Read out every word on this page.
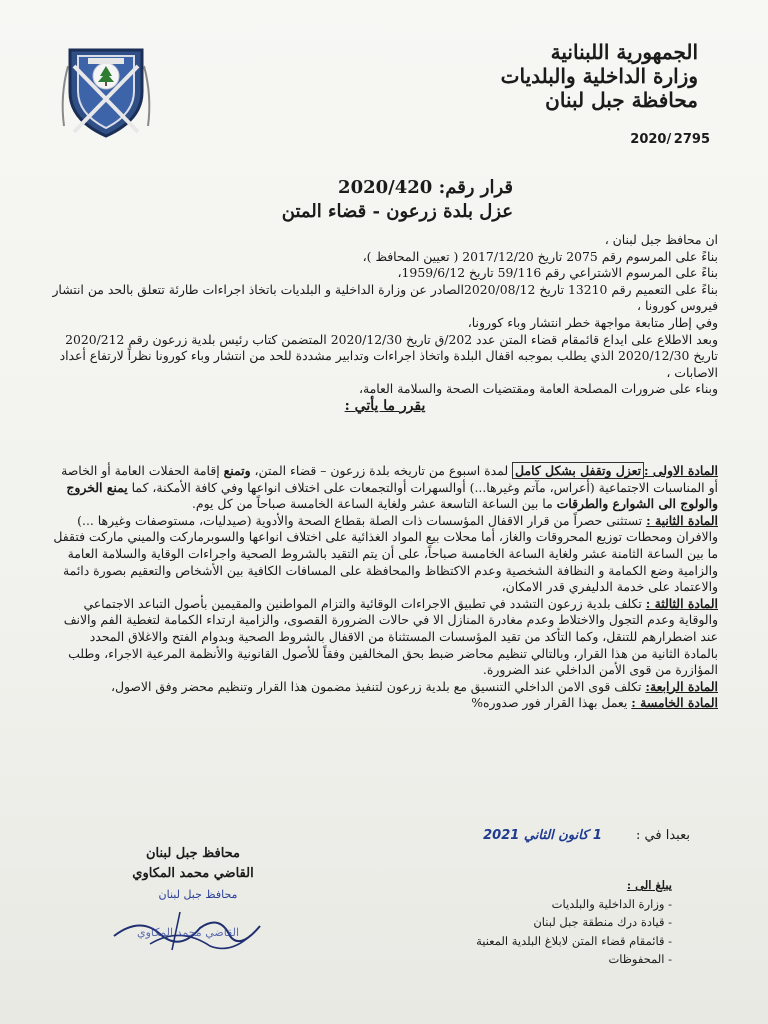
الجمهورية اللبنانية
وزارة الداخلية والبلديات
محافظة جبل لبنان
2020/ 2795
قرار رقم: 2020/420
عزل بلدة زرعون - قضاء المتن

ان محافظ جبل لبنان ،

بناءً على المرسوم رقم 2075 تاريخ 2017/12/20 ( تعيين المحافظ )،

بناءً على المرسوم الاشتراعي رقم 59/116 تاريخ 1959/6/12،

بناءً على التعميم رقم 13210 تاريخ 2020/08/12الصادر عن وزارة الداخلية و البلديات باتخاذ اجراءات طارئة تتعلق بالحد من انتشار فيروس كورونا ،

وفي إطار متابعة مواجهة خطر انتشار وباء كورونا،

وبعد الاطلاع على ايداع قائمقام قضاء المتن عدد 202/ق تاريخ 2020/12/30 المتضمن كتاب رئيس بلدية زرعون رقم 2020/212 تاريخ 2020/12/30 الذي يطلب بموجبه اقفال البلدة واتخاذ اجراءات وتدابير مشددة للحد من انتشار وباء كورونا نظراً لارتفاع أعداد الاصابات ،

وبناء على ضرورات المصلحة العامة ومقتضيات الصحة والسلامة العامة،

يقرر ما يأتي :

المادة الاولى :تعزل وتقفل بشكل كامل لمدة اسبوع من تاريخه بلدة زرعون – قضاء المتن، وتمنع إقامة الحفلات العامة أو الخاصة أو المناسبات الاجتماعية (أعراس، مآتم وغيرها...) أوالسهرات أوالتجمعات على اختلاف انواعها وفي كافة الأمكنة، كما يمنع الخروج والولوج الى الشوارع والطرقات ما بين الساعة التاسعة عشر ولغاية الساعة الخامسة صباحاً من كل يوم.

المادة الثانية : تستثنى حصراً من قرار الاقفال المؤسسات ذات الصلة بقطاع الصحة والأدوية (صيدليات، مستوصفات وغيرها ...) والافران ومحطات توزيع المحروقات والغاز، أما محلات بيع المواد الغذائية على اختلاف انواعها والسوبرماركت والميني ماركت فتقفل ما بين الساعة الثامنة عشر ولغاية الساعة الخامسة صباحاً، على أن يتم التقيد بالشروط الصحية واجراءات الوقاية والسلامة العامة والزامية وضع الكمامة و النظافة الشخصية وعدم الاكتظاظ والمحافظة على المسافات الكافية بين الأشخاص والتعقيم بصورة دائمة والاعتماد على خدمة الدليفري قدر الامكان،

المادة الثالثة : تكلف بلدية زرعون التشدد في تطبيق الاجراءات الوقائية والتزام المواطنين والمقيمين بأصول التباعد الاجتماعي والوقاية وعدم التجول والاختلاط وعدم مغادرة المنازل الا في حالات الضرورة القصوى، والزامية ارتداء الكمامة لتغطية الفم والانف عند اضطرارهم للتنقل، وكما التأكد من تقيد المؤسسات المستثناة من الاقفال بالشروط الصحية وبدوام الفتح والاغلاق المحدد بالمادة الثانية من هذا القرار، وبالتالي تنظيم محاضر ضبط بحق المخالفين وفقاً للأصول القانونية والأنظمة المرعية الاجراء، وطلب المؤازرة من قوى الأمن الداخلي عند الضرورة.

المادة الرابعة: تكلف قوى الامن الداخلي التنسيق مع بلدية زرعون لتنفيذ مضمون هذا القرار وتنظيم محضر وفق الاصول،

المادة الخامسة : يعمل بهذا القرار فور صدوره%

بعبدا في : 1 كانون الثاني 2021
محافظ جبل لبنان
القاضي محمد المكاوي
محافظ جبل لبنان
القاضي محمد المكاوي
يبلغ الى :
- وزارة الداخلية والبلديات
- قيادة درك منطقة جبل لبنان
- قائمقام قضاء المتن لابلاغ البلدية المعنية
- المحفوظات
